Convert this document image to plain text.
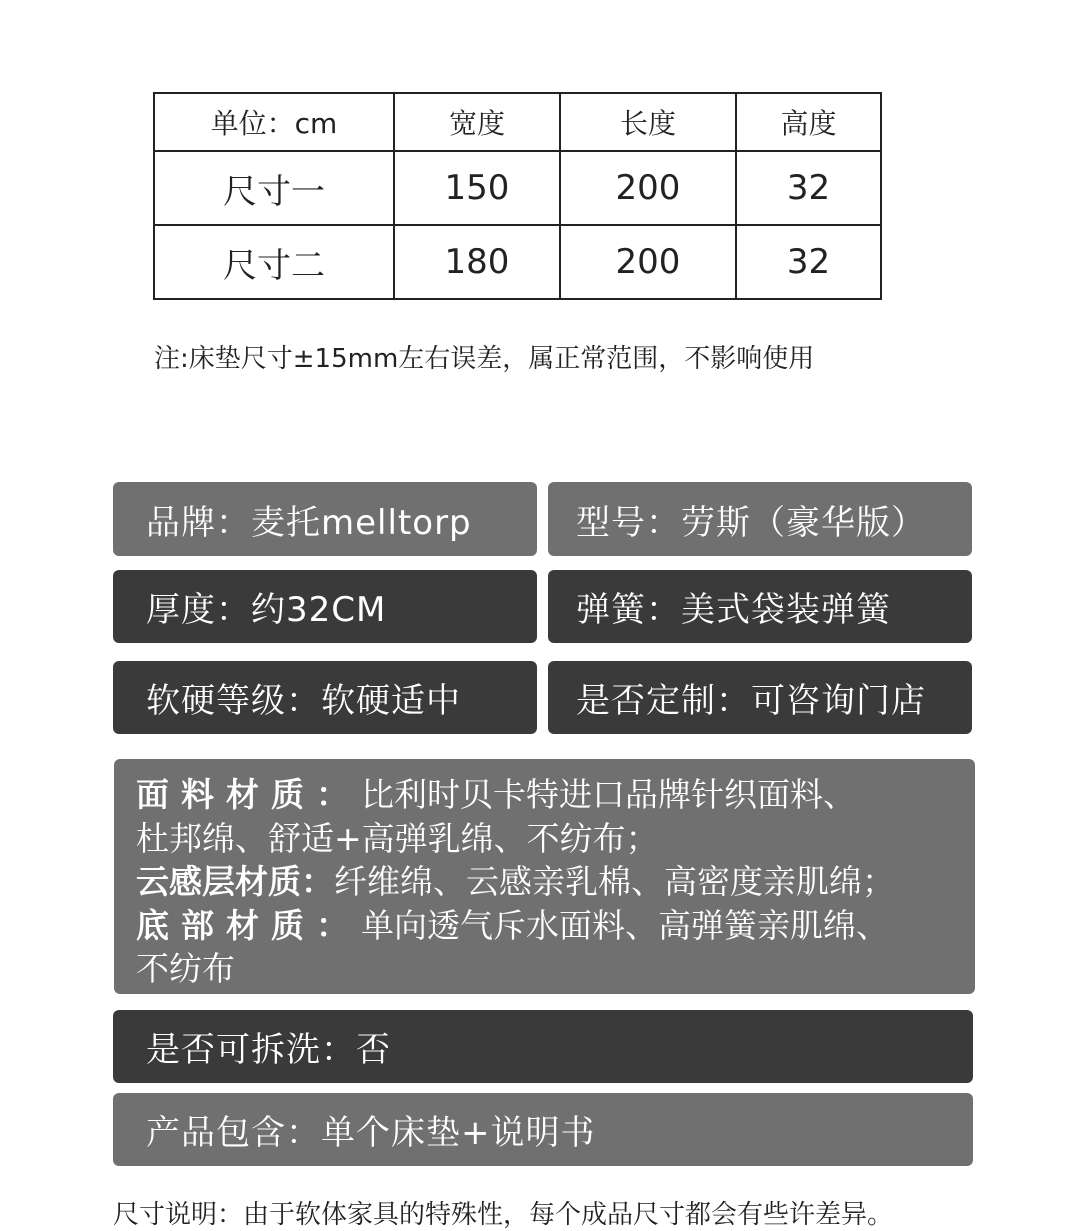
单位：cm	宽度	长度	高度
尺寸一	150	200	32
尺寸二	180	200	32
注:床垫尺寸±15mm左右误差，属正常范围，不影响使用
品牌： 麦托melltorp	型号： 劳斯（豪华版）
厚度： 约32CM	弹簧： 美式袋装弹簧
软硬等级： 软硬适中	是否定制： 可咨询门店
面料材质：比利时贝卡特进口品牌针织面料、
杜邦绵、舒适+高弹乳绵、不纺布；
云感层材质：纤维绵、云感亲乳棉、高密度亲肌绵；
底部材质：单向透气斥水面料、高弹簧亲肌绵、
不纺布
是否可拆洗： 否
产品包含： 单个床垫+说明书
尺寸说明：由于软体家具的特殊性，每个成品尺寸都会有些许差异。
